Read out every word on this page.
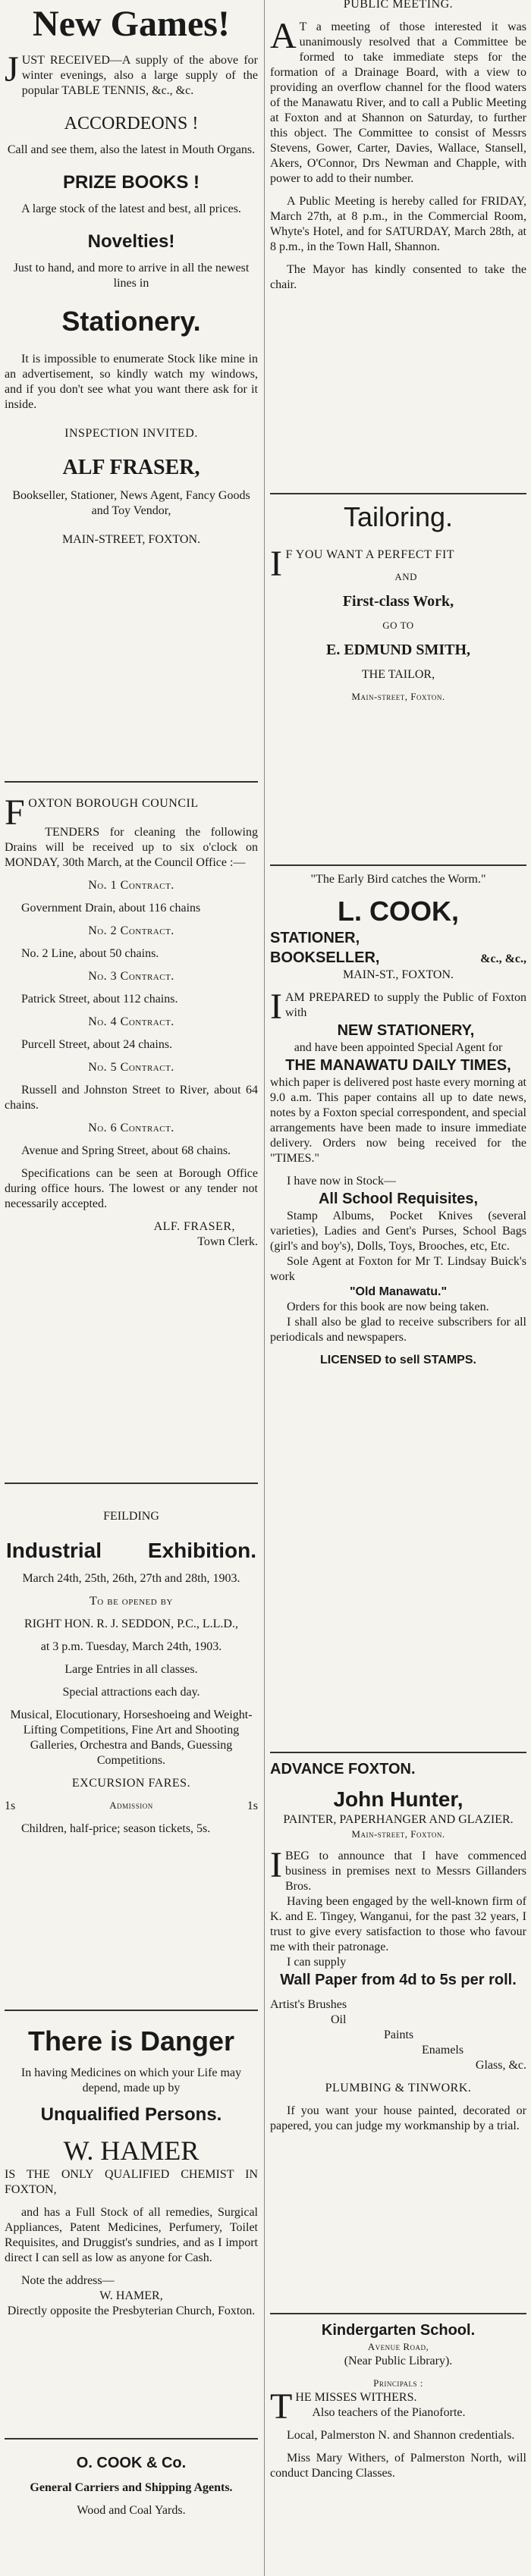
New Games!

JUST RECEIVED—A supply of the above for winter evenings, also a large supply of the popular TABLE TENNIS, &c., &c.

ACCORDEONS !

Call and see them, also the latest in Mouth Organs.

PRIZE BOOKS !

A large stock of the latest and best, all prices.

Novelties!

Just to hand, and more to arrive in all the newest lines in

Stationery.

It is impossible to enumerate Stock like mine in an advertisement, so kindly watch my windows, and if you don't see what you want there ask for it inside.

INSPECTION INVITED.

ALF FRASER,

Bookseller, Stationer, News Agent, Fancy Goods and Toy Vendor,

MAIN-STREET, FOXTON.

FOXTON BOROUGH COUNCIL

TENDERS for cleaning the following Drains will be received up to six o'clock on MONDAY, 30th March, at the Council Office :—

No. 1 Contract.

Government Drain, about 116 chains

No. 2 Contract.

No. 2 Line, about 50 chains.

No. 3 Contract.

Patrick Street, about 112 chains.

No. 4 Contract.

Purcell Street, about 24 chains.

No. 5 Contract.

Russell and Johnston Street to River, about 64 chains.

No. 6 Contract.

Avenue and Spring Street, about 68 chains.

Specifications can be seen at Borough Office during office hours. The lowest or any tender not necessarily accepted.

ALF. FRASER,

Town Clerk.

FEILDING

Industrial Exhibition.

March 24th, 25th, 26th, 27th and 28th, 1903.

To be opened by

RIGHT HON. R. J. SEDDON, P.C., L.L.D.,

at 3 p.m. Tuesday, March 24th, 1903.

Large Entries in all classes.

Special attractions each day.

Musical, Elocutionary, Horseshoeing and Weight-Lifting Competitions, Fine Art and Shooting Galleries, Orchestra and Bands, Guessing Competitions.

EXCURSION FARES.

1s	Admission	1s

Children, half-price; season tickets, 5s.

There is Danger

In having Medicines on which your Life may depend, made up by

Unqualified Persons.
W. HAMER

IS THE ONLY QUALIFIED CHEMIST IN FOXTON,

and has a Full Stock of all remedies, Surgical Appliances, Patent Medicines, Perfumery, Toilet Requisites, and Druggist's sundries, and as I import direct I can sell as low as anyone for Cash.

Note the address—

W. HAMER,

Directly opposite the Presbyterian Church, Foxton.

O. COOK & Co.

General Carriers and Shipping Agents.

Wood and Coal Yards.

PUBLIC MEETING.

AT a meeting of those interested it was unanimously resolved that a Committee be formed to take immediate steps for the formation of a Drainage Board, with a view to providing an overflow channel for the flood waters of the Manawatu River, and to call a Public Meeting at Foxton and at Shannon on Saturday, to further this object. The Committee to consist of Messrs Stevens, Gower, Carter, Davies, Wallace, Stansell, Akers, O'Connor, Drs Newman and Chapple, with power to add to their number.

A Public Meeting is hereby called for FRIDAY, March 27th, at 8 p.m., in the Commercial Room, Whyte's Hotel, and for SATURDAY, March 28th, at 8 p.m., in the Town Hall, Shannon.

The Mayor has kindly consented to take the chair.

Tailoring.

IF YOU WANT A PERFECT FIT

AND

First-class Work,

GO TO

E. EDMUND SMITH,

THE TAILOR,

Main-street, Foxton.

"The Early Bird catches the Worm."

L. COOK,
STATIONER,
BOOKSELLER,	&c., &c.,

MAIN-ST., FOXTON.

IAM PREPARED to supply the Public of Foxton with

NEW STATIONERY,

and have been appointed Special Agent for

THE MANAWATU DAILY TIMES,

which paper is delivered post haste every morning at 9.0 a.m. This paper contains all up to date news, notes by a Foxton special correspondent, and special arrangements have been made to insure immediate delivery. Orders now being received for the "TIMES."

I have now in Stock—

All School Requisites,

Stamp Albums, Pocket Knives (several varieties), Ladies and Gent's Purses, School Bags (girl's and boy's), Dolls, Toys, Brooches, etc, Etc.

Sole Agent at Foxton for Mr T. Lindsay Buick's work

"Old Manawatu."

Orders for this book are now being taken.

I shall also be glad to receive subscribers for all periodicals and newspapers.

LICENSED to sell STAMPS.

ADVANCE FOXTON.
John Hunter,

PAINTER, PAPERHANGER AND GLAZIER.

Main-street, Foxton.

IBEG to announce that I have commenced business in premises next to Messrs Gillanders Bros.

Having been engaged by the well-known firm of K. and E. Tingey, Wanganui, for the past 32 years, I trust to give every satisfaction to those who favour me with their patronage.

I can supply

Wall Paper from 4d to 5s per roll.

Artist's Brushes

Oil

Paints

Enamels

Glass, &c.

PLUMBING & TINWORK.

If you want your house painted, decorated or papered, you can judge my workmanship by a trial.

Kindergarten School.

Avenue Road,

(Near Public Library).

Principals :

THE MISSES WITHERS.

Also teachers of the Pianoforte.

Local, Palmerston N. and Shannon credentials.

Miss Mary Withers, of Palmerston North, will conduct Dancing Classes.
